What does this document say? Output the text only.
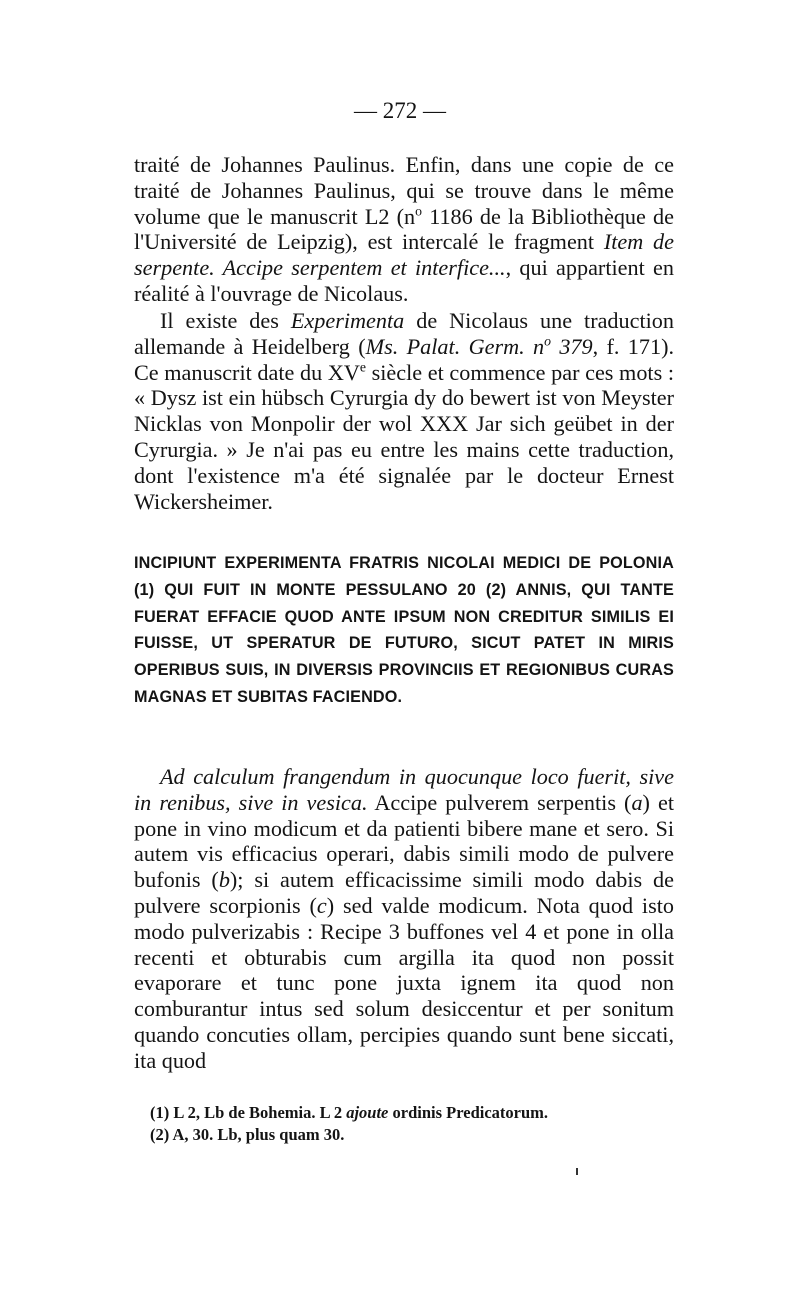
— 272 —

traité de Johannes Paulinus. Enfin, dans une copie de ce traité de Johannes Paulinus, qui se trouve dans le même volume que le manuscrit L2 ($n^o$ 1186 de la Bibliothèque de l'Université de Leipzig), est intercalé le fragment Item de serpente. Accipe serpentem et interfice..., qui appartient en réalité à l'ouvrage de Nicolaus.

Il existe des Experimenta de Nicolaus une traduction allemande à Heidelberg (Ms. Palat. Germ. $n^o$ 379, f. 171). Ce manuscrit date du XVe siècle et commence par ces mots : « Dysz ist ein hübsch Cyrurgia dy do bewert ist von Meyster Nicklas von Monpolir der wol XXX Jar sich geübet in der Cyrurgia. » Je n'ai pas eu entre les mains cette traduction, dont l'existence m'a été signalée par le docteur Ernest Wickersheimer.

INCIPIUNT EXPERIMENTA FRATRIS NICOLAI MEDICI DE POLONIA (1) QUI FUIT IN MONTE PESSULANO 20 (2) ANNIS, QUI TANTE FUERAT EFFACIE QUOD ANTE IPSUM NON CREDITUR SIMILIS EI FUISSE, UT SPERATUR DE FUTURO, SICUT PATET IN MIRIS OPERIBUS SUIS, IN DIVERSIS PROVINCIIS ET REGIONIBUS CURAS MAGNAS ET SUBITAS FACIENDO.

Ad calculum frangendum in quocunque loco fuerit, sive in renibus, sive in vesica. Accipe pulverem serpentis (a) et pone in vino modicum et da patienti bibere mane et sero. Si autem vis efficacius operari, dabis simili modo de pulvere bufonis (b); si autem efficacissime simili modo dabis de pulvere scorpionis (c) sed valde modicum. Nota quod isto modo pulverizabis : Recipe 3 buffones vel 4 et pone in olla recenti et obturabis cum argilla ita quod non possit evaporare et tunc pone juxta ignem ita quod non comburantur intus sed solum desiccentur et per sonitum quando concuties ollam, percipies quando sunt bene siccati, ita quod

(1) L 2, Lb de Bohemia. L 2 ajoute ordinis Predicatorum.
(2) A, 30. Lb, plus quam 30.
